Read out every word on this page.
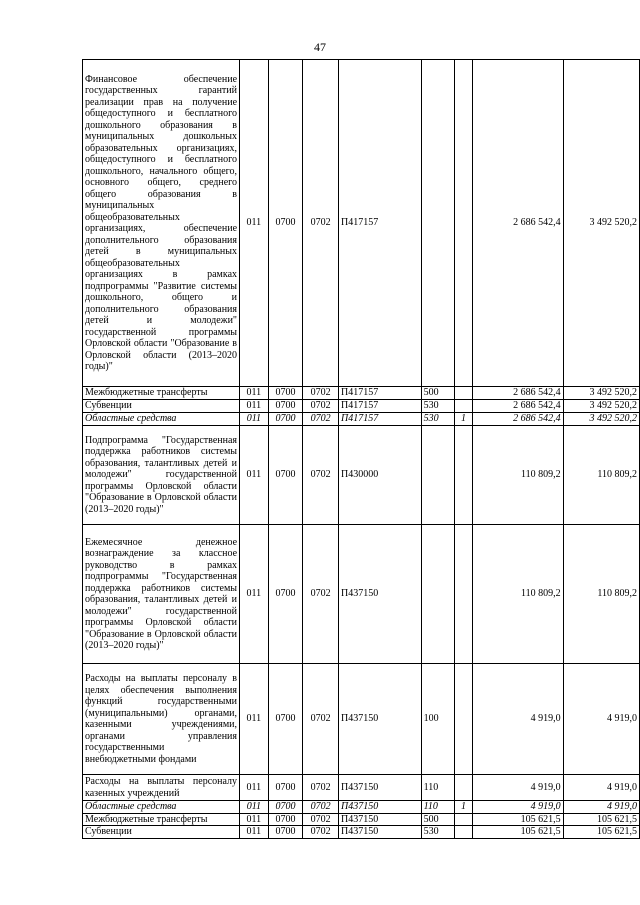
47
Финансовое обеспечение государственных гарантий реализации прав на получение общедоступного и бесплатного дошкольного образования в муниципальных дошкольных образовательных организациях, общедоступного и бесплатного дошкольного, начального общего, основного общего, среднего общего образования в муниципальных общеобразовательных организациях, обеспечение дополнительного образования детей в муниципальных общеобразовательных организациях в рамках подпрограммы "Развитие системы дошкольного, общего и дополнительного образования детей и молодежи" государственной программы Орловской области "Образование в Орловской области (2013–2020 годы)"	011	0700	0702	П417157			2 686 542,4	3 492 520,2
Межбюджетные трансферты	011	0700	0702	П417157	500		2 686 542,4	3 492 520,2
Субвенции	011	0700	0702	П417157	530		2 686 542,4	3 492 520,2
Областные средства	011	0700	0702	П417157	530	1	2 686 542,4	3 492 520,2
Подпрограмма "Государственная поддержка работников системы образования, талантливых детей и молодежи" государственной программы Орловской области "Образование в Орловской области (2013–2020 годы)"	011	0700	0702	П430000			110 809,2	110 809,2
Ежемесячное денежное вознаграждение за классное руководство в рамках подпрограммы "Государственная поддержка работников системы образования, талантливых детей и молодежи" государственной программы Орловской области "Образование в Орловской области (2013–2020 годы)"	011	0700	0702	П437150			110 809,2	110 809,2
Расходы на выплаты персоналу в целях обеспечения выполнения функций государственными (муниципальными) органами, казенными учреждениями, органами управления государственными внебюджетными фондами	011	0700	0702	П437150	100		4 919,0	4 919,0
Расходы на выплаты персоналу казенных учреждений	011	0700	0702	П437150	110		4 919,0	4 919,0
Областные средства	011	0700	0702	П437150	110	1	4 919,0	4 919,0
Межбюджетные трансферты	011	0700	0702	П437150	500		105 621,5	105 621,5
Субвенции	011	0700	0702	П437150	530		105 621,5	105 621,5
